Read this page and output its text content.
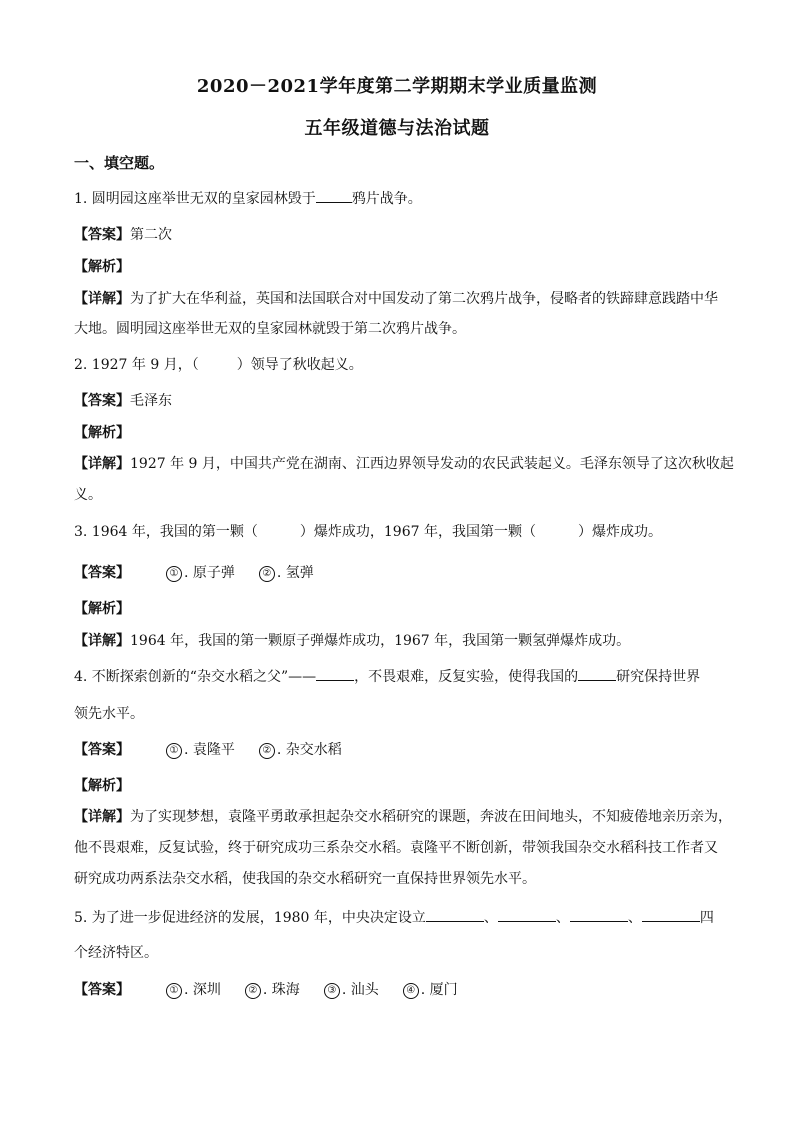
2020－2021学年度第二学期期末学业质量监测
五年级道德与法治试题
一、填空题。
1. 圆明园这座举世无双的皇家园林毁于	鸦片战争。
【答案】第二次
【解析】
【详解】为了扩大在华利益，英国和法国联合对中国发动了第二次鸦片战争，侵略者的铁蹄肆意践踏中华
大地。圆明园这座举世无双的皇家园林就毁于第二次鸦片战争。
2. 1927 年 9 月，（	）领导了秋收起义。
【答案】毛泽东
【解析】
【详解】1927 年 9 月，中国共产党在湖南、江西边界领导发动的农民武装起义。毛泽东领导了这次秋收起
义。
3. 1964 年，我国的第一颗（	）爆炸成功，1967 年，我国第一颗（	）爆炸成功。
【答案】	① . 原子弹	② . 氢弹
【解析】
【详解】1964 年，我国的第一颗原子弹爆炸成功，1967 年，我国第一颗氢弹爆炸成功。
4. 不断探索创新的“杂交水稻之父”——	，不畏艰难，反复实验，使得我国的	研究保持世界
领先水平。
【答案】	① . 袁隆平	② . 杂交水稻
【解析】
【详解】为了实现梦想，袁隆平勇敢承担起杂交水稻研究的课题，奔波在田间地头，不知疲倦地亲历亲为，
他不畏艰难，反复试验，终于研究成功三系杂交水稻。袁隆平不断创新，带领我国杂交水稻科技工作者又
研究成功两系法杂交水稻，使我国的杂交水稻研究一直保持世界领先水平。
5. 为了进一步促进经济的发展，1980 年，中央决定设立	、	、	、	四
个经济特区。
【答案】	① . 深圳	② . 珠海	③ . 汕头	④ . 厦门
